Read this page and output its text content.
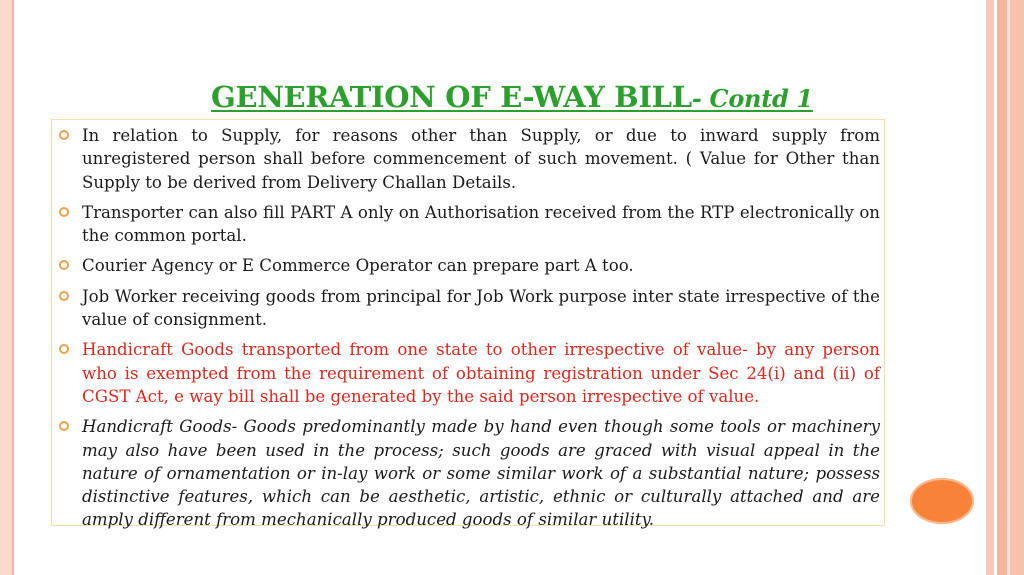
GENERATION OF E-WAY BILL- Contd 1
In relation to Supply, for reasons other than Supply, or due to inward supply from unregistered person shall before commencement of such movement. ( Value for Other than Supply to be derived from Delivery Challan Details.
Transporter can also fill PART A only on Authorisation received from the RTP electronically on the common portal.
Courier Agency or E Commerce Operator can prepare part A too.
Job Worker receiving goods from principal for Job Work purpose inter state irrespective of the value of consignment.
Handicraft Goods transported from one state to other irrespective of value- by any person who is exempted from the requirement of obtaining registration under Sec 24(i) and (ii) of CGST Act, e way bill shall be generated by the said person irrespective of value.
Handicraft Goods- Goods predominantly made by hand even though some tools or machinery may also have been used in the process; such goods are graced with visual appeal in the nature of ornamentation or in-lay work or some similar work of a substantial nature; possess distinctive features, which can be aesthetic, artistic, ethnic or culturally attached and are amply different from mechanically produced goods of similar utility.
